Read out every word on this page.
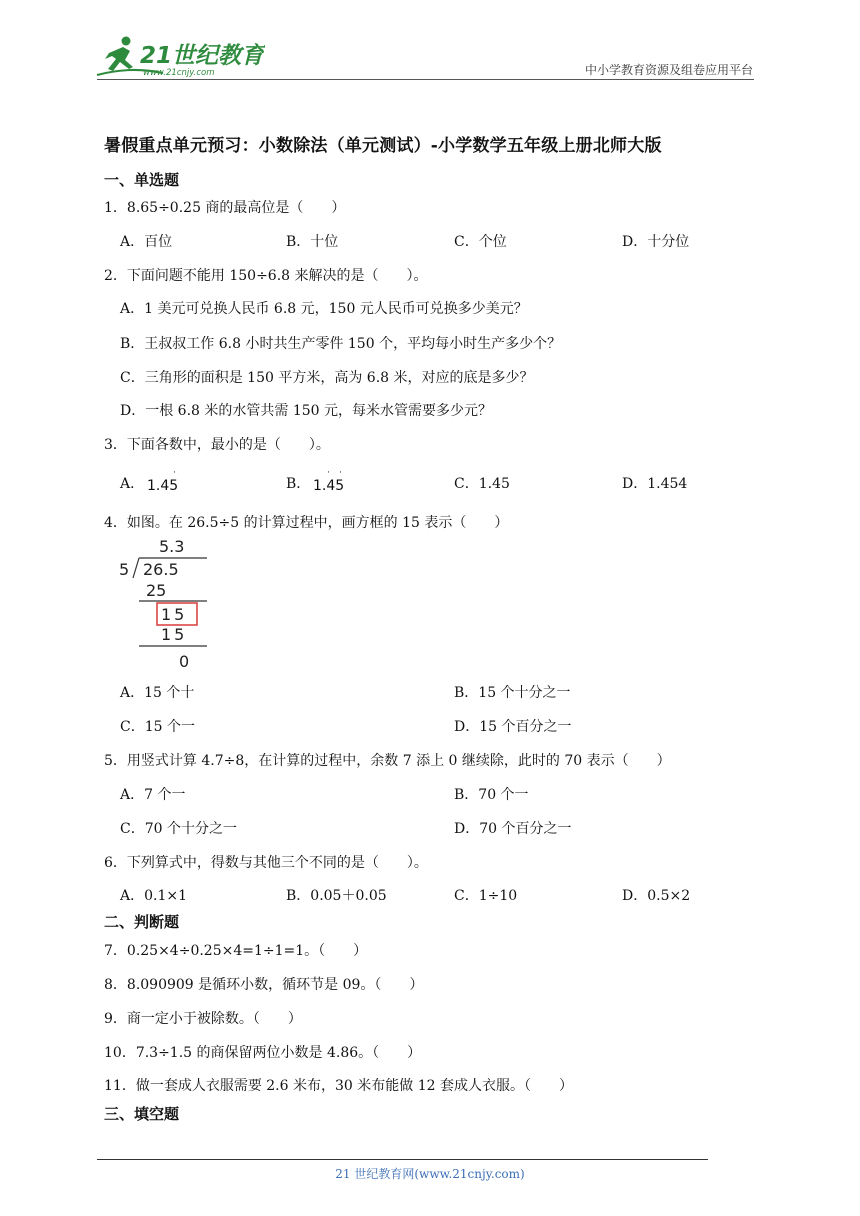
21世纪教育
www.21cnjy.com	中小学教育资源及组卷应用平台
暑假重点单元预习：小数除法（单元测试）-小学数学五年级上册北师大版
一、单选题
1．8.65÷0.25 商的最高位是（　　）
A．百位	B．十位	C．个位	D．十分位
2．下面问题不能用 150÷6.8 来解决的是（　　）。
A．1 美元可兑换人民币 6.8 元，150 元人民币可兑换多少美元？
B．王叔叔工作 6.8 小时共生产零件 150 个，平均每小时生产多少个？
C．三角形的面积是 150 平方米，高为 6.8 米，对应的底是多少？
D．一根 6.8 米的水管共需 150 元，每米水管需要多少元？
3．下面各数中，最小的是（　　）。
A．
·
1.45	B．
· ·
1.45	C．1.45	D．1.454
4．如图。在 26.5÷5 的计算过程中，画方框的 15 表示（　　）
5.3
5 26.5
25
15
15
0
A．15 个十	B．15 个十分之一
C．15 个一	D．15 个百分之一
5．用竖式计算 4.7÷8，在计算的过程中，余数 7 添上 0 继续除，此时的 70 表示（　　）
A．7 个一	B．70 个一
C．70 个十分之一	D．70 个百分之一
6．下列算式中，得数与其他三个不同的是（　　）。
A．0.1×1	B．0.05＋0.05	C．1÷10	D．0.5×2
二、判断题
7．0.25×4÷0.25×4=1÷1=1。（　　）
8．8.090909 是循环小数，循环节是 09。（　　）
9．商一定小于被除数。（　　）
10．7.3÷1.5 的商保留两位小数是 4.86。（　　）
11．做一套成人衣服需要 2.6 米布，30 米布能做 12 套成人衣服。（　　）
三、填空题
21 世纪教育网(www.21cnjy.com)
